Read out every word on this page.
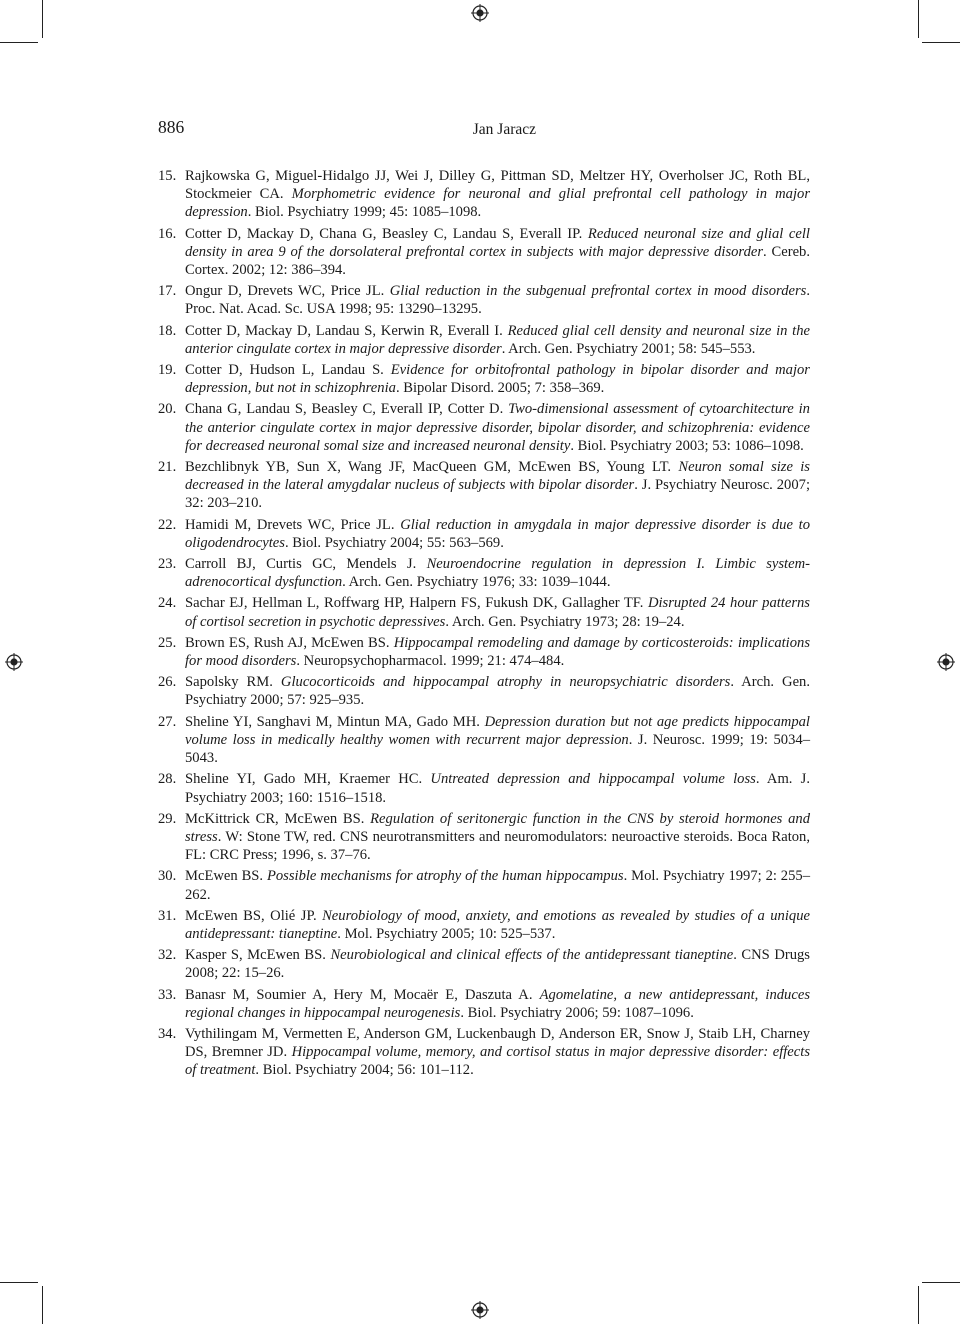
886	Jan Jaracz
15. Rajkowska G, Miguel-Hidalgo JJ, Wei J, Dilley G, Pittman SD, Meltzer HY, Overholser JC, Roth BL, Stockmeier CA. Morphometric evidence for neuronal and glial prefrontal cell pathology in major depression. Biol. Psychiatry 1999; 45: 1085–1098.
16. Cotter D, Mackay D, Chana G, Beasley C, Landau S, Everall IP. Reduced neuronal size and glial cell density in area 9 of the dorsolateral prefrontal cortex in subjects with major depressive disorder. Cereb. Cortex. 2002; 12: 386–394.
17. Ongur D, Drevets WC, Price JL. Glial reduction in the subgenual prefrontal cortex in mood disorders. Proc. Nat. Acad. Sc. USA 1998; 95: 13290–13295.
18. Cotter D, Mackay D, Landau S, Kerwin R, Everall I. Reduced glial cell density and neuronal size in the anterior cingulate cortex in major depressive disorder. Arch. Gen. Psychiatry 2001; 58: 545–553.
19. Cotter D, Hudson L, Landau S. Evidence for orbitofrontal pathology in bipolar disorder and major depression, but not in schizophrenia. Bipolar Disord. 2005; 7: 358–369.
20. Chana G, Landau S, Beasley C, Everall IP, Cotter D. Two-dimensional assessment of cytoarchitecture in the anterior cingulate cortex in major depressive disorder, bipolar disorder, and schizophrenia: evidence for decreased neuronal somal size and increased neuronal density. Biol. Psychiatry 2003; 53: 1086–1098.
21. Bezchlibnyk YB, Sun X, Wang JF, MacQueen GM, McEwen BS, Young LT. Neuron somal size is decreased in the lateral amygdalar nucleus of subjects with bipolar disorder. J. Psychiatry Neurosc. 2007; 32: 203–210.
22. Hamidi M, Drevets WC, Price JL. Glial reduction in amygdala in major depressive disorder is due to oligodendrocytes. Biol. Psychiatry 2004; 55: 563–569.
23. Carroll BJ, Curtis GC, Mendels J. Neuroendocrine regulation in depression I. Limbic system-adrenocortical dysfunction. Arch. Gen. Psychiatry 1976; 33: 1039–1044.
24. Sachar EJ, Hellman L, Roffwarg HP, Halpern FS, Fukush DK, Gallagher TF. Disrupted 24 hour patterns of cortisol secretion in psychotic depressives. Arch. Gen. Psychiatry 1973; 28: 19–24.
25. Brown ES, Rush AJ, McEwen BS. Hippocampal remodeling and damage by corticosteroids: implications for mood disorders. Neuropsychopharmacol. 1999; 21: 474–484.
26. Sapolsky RM. Glucocorticoids and hippocampal atrophy in neuropsychiatric disorders. Arch. Gen. Psychiatry 2000; 57: 925–935.
27. Sheline YI, Sanghavi M, Mintun MA, Gado MH. Depression duration but not age predicts hippocampal volume loss in medically healthy women with recurrent major depression. J. Neurosc. 1999; 19: 5034–5043.
28. Sheline YI, Gado MH, Kraemer HC. Untreated depression and hippocampal volume loss. Am. J. Psychiatry 2003; 160: 1516–1518.
29. McKittrick CR, McEwen BS. Regulation of seritonergic function in the CNS by steroid hormones and stress. W: Stone TW, red. CNS neurotransmitters and neuromodulators: neuroactive steroids. Boca Raton, FL: CRC Press; 1996, s. 37–76.
30. McEwen BS. Possible mechanisms for atrophy of the human hippocampus. Mol. Psychiatry 1997; 2: 255–262.
31. McEwen BS, Olié JP. Neurobiology of mood, anxiety, and emotions as revealed by studies of a unique antidepressant: tianeptine. Mol. Psychiatry 2005; 10: 525–537.
32. Kasper S, McEwen BS. Neurobiological and clinical effects of the antidepressant tianeptine. CNS Drugs 2008; 22: 15–26.
33. Banasr M, Soumier A, Hery M, Mocaër E, Daszuta A. Agomelatine, a new antidepressant, induces regional changes in hippocampal neurogenesis. Biol. Psychiatry 2006; 59: 1087–1096.
34. Vythilingam M, Vermetten E, Anderson GM, Luckenbaugh D, Anderson ER, Snow J, Staib LH, Charney DS, Bremner JD. Hippocampal volume, memory, and cortisol status in major depressive disorder: effects of treatment. Biol. Psychiatry 2004; 56: 101–112.
